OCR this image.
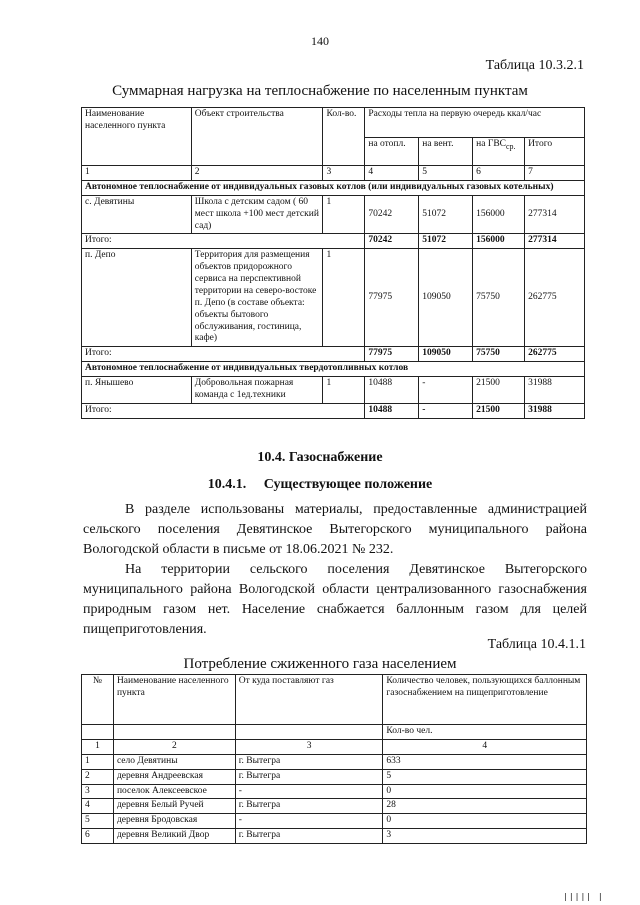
140
Таблица 10.3.2.1
Суммарная нагрузка на теплоснабжение по населенным пунктам
Наименование населенного пункта	Объект строительства	Кол-во.	Расходы тепла на первую очередь ккал/час			
			на отопл.	на вент.	на $ГВС_{ср.}$	Итого
1	2	3	4	5	6	7
Автономное теплоснабжение от индивидуальных газовых котлов (или индивидуальных газовых котельных)						
с. Девятины	Школа с детским садом ( 60 мест школа +100 мест детский сад)	1	70242	51072	156000	277314
Итого:			70242	51072	156000	277314
п. Депо	Территория для размещения объектов придорожного сервиса на перспективной территории на северо-востоке п. Депо (в составе объекта: объекты бытового обслуживания, гостиница, кафе)	1	77975	109050	75750	262775
Итого:			77975	109050	75750	262775
Автономное теплоснабжение от индивидуальных твердотопливных котлов						
п. Янышево	Добровольная пожарная команда с 1ед.техники	1	10488	-	21500	31988
Итого:			10488	-	21500	31988
10.4. Газоснабжение
10.4.1.     Существующее положение
В разделе использованы материалы, предоставленные администрацией сельского поселения Девятинское Вытегорского муниципального района Вологодской области в письме от 18.06.2021 № 232.
На территории сельского поселения Девятинское Вытегорского муниципального района Вологодской области централизованного газоснабжения природным газом нет. Население снабжается баллонным газом для целей пищеприготовления.
Таблица 10.4.1.1
Потребление сжиженного газа населением
№	Наименование населенного пункта	От куда поставляют газ	Количество человек, пользующихся баллонным газоснабжением на пищеприготовление
			Кол-во чел.
1	2	3	4
1	село Девятины	г. Вытегра	633
2	деревня Андреевская	г. Вытегра	5
3	поселок Алексеевское	-	0
4	деревня Белый Ручей	г. Вытегра	28
5	деревня Бродовская	-	0
6	деревня Великий Двор	г. Вытегра	3
||||| |
